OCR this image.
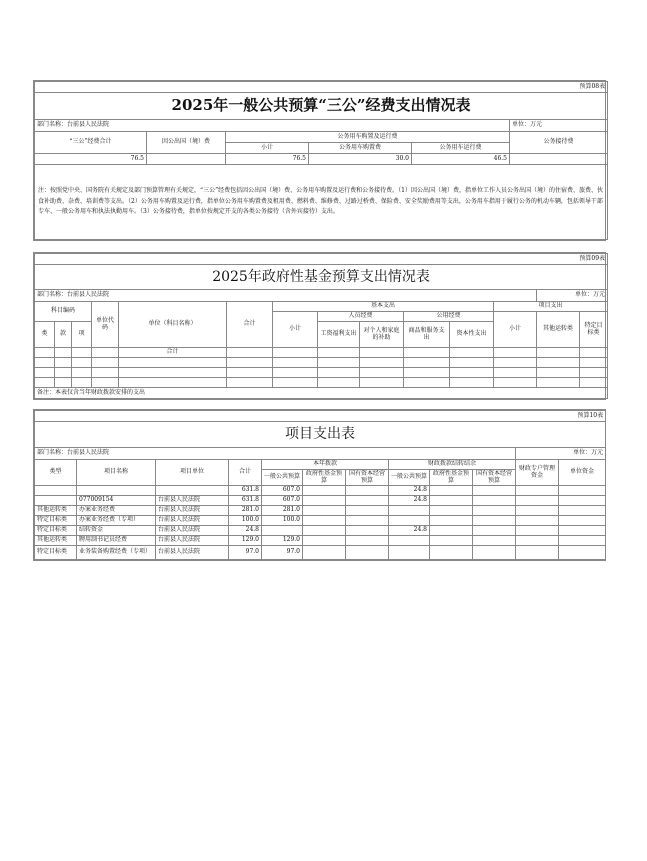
预算08表					
2025年一般公共预算“三公”经费支出情况表					
部门名称：台前县人民法院					单位：万元
“三公”经费合计	因公出国（境）费	公务用车购置及运行费			公务接待费
		小计	公务用车购置费	公务用车运行费	
76.5		76.5	30.0	46.5	
注：按照党中央、国务院有关规定及部门预算管理有关规定，“三公”经费包括因公出国（境）费、公务用车购置及运行费和公务接待费。（1）因公出国（境）费，指单位工作人员公务出国（境）的住宿费、旅费、伙食补助费、杂费、培训费等支出。（2）公务用车购置及运行费，指单位公务用车购置费及租用费、燃料费、维修费、过路过桥费、保险费、安全奖励费用等支出，公务用车指用于履行公务的机动车辆，包括领导干部专车、一般公务用车和执法执勤用车。（3）公务接待费，指单位按规定开支的各类公务接待（含外宾接待）支出。					
预算09表													
2025年政府性基金预算支出情况表													
部门名称：台前县人民法院												单位：万元	
科目编码			单位代码	单位（科目名称）	合计	基本支出					项目支出		
						小计	人员经费		公用经费		小计	其他运转类	特定目标类
类	款	项					工资福利支出	对个人和家庭的补助	商品和服务支出	资本性支出			

				合计									

备注：本表仅含当年财政拨款安排的支出													
预算10表											
项目支出表											
部门名称：台前县人民法院										单位：万元	
类型	项目名称	项目单位	合计	本年拨款			财政拨款结转结余			财政专户管理资金	单位资金
				一般公共预算	政府性基金预算	国有资本经营预算	一般公共预算	政府性基金预算	国有资本经营预算		
			631.8	607.0			24.8				
	077009154	台前县人民法院	631.8	607.0			24.8				
其他运转类	办案业务经费	台前县人民法院	281.0	281.0							
特定目标类	办案业务经费（专项）	台前县人民法院	100.0	100.0							
特定目标类	结转资金	台前县人民法院	24.8				24.8				
其他运转类	聘用制书记员经费	台前县人民法院	129.0	129.0							
特定目标类	业务装备购置经费（专项）	台前县人民法院	97.0	97.0							
